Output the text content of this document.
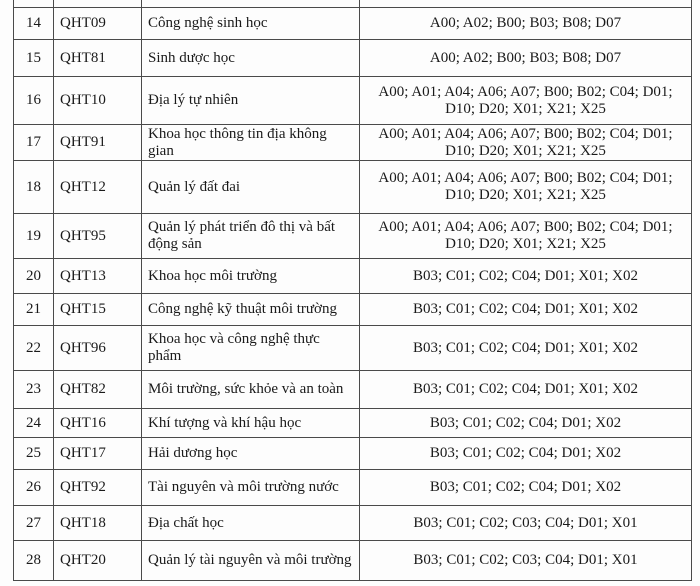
14	QHT09	Công nghệ sinh học	A00; A02; B00; B03; B08; D07
15	QHT81	Sinh dược học	A00; A02; B00; B03; B08; D07
16	QHT10	Địa lý tự nhiên	A00; A01; A04; A06; A07; B00; B02; C04; D01; D10; D20; X01; X21; X25
17	QHT91	Khoa học thông tin địa không gian	A00; A01; A04; A06; A07; B00; B02; C04; D01; D10; D20; X01; X21; X25
18	QHT12	Quản lý đất đai	A00; A01; A04; A06; A07; B00; B02; C04; D01; D10; D20; X01; X21; X25
19	QHT95	Quản lý phát triển đô thị và bất động sản	A00; A01; A04; A06; A07; B00; B02; C04; D01; D10; D20; X01; X21; X25
20	QHT13	Khoa học môi trường	B03; C01; C02; C04; D01; X01; X02
21	QHT15	Công nghệ kỹ thuật môi trường	B03; C01; C02; C04; D01; X01; X02
22	QHT96	Khoa học và công nghệ thực phẩm	B03; C01; C02; C04; D01; X01; X02
23	QHT82	Môi trường, sức khỏe và an toàn	B03; C01; C02; C04; D01; X01; X02
24	QHT16	Khí tượng và khí hậu học	B03; C01; C02; C04; D01; X02
25	QHT17	Hải dương học	B03; C01; C02; C04; D01; X02
26	QHT92	Tài nguyên và môi trường nước	B03; C01; C02; C04; D01; X02
27	QHT18	Địa chất học	B03; C01; C02; C03; C04; D01; X01
28	QHT20	Quản lý tài nguyên và môi trường	B03; C01; C02; C03; C04; D01; X01
